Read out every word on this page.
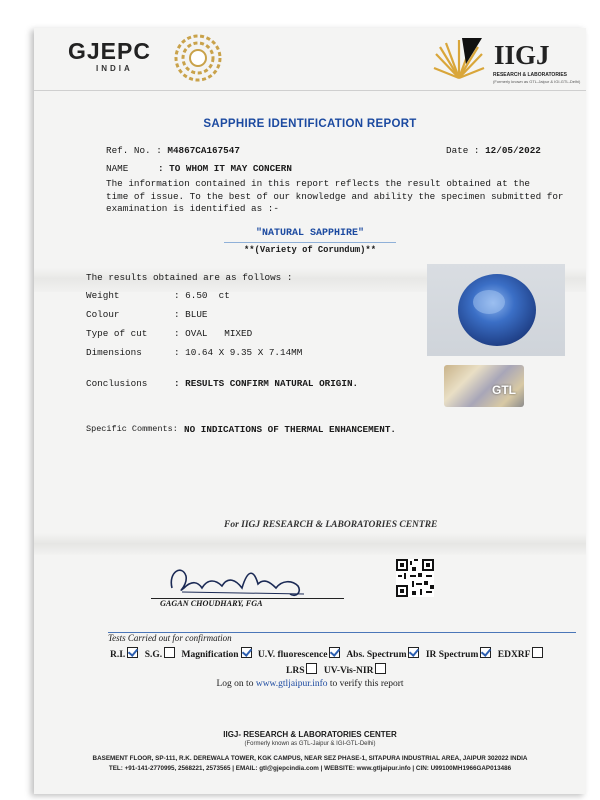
GJEPC
INDIA	IIGJ
RESEARCH & LABORATORIES
(Formerly known as GTL-Jaipur & IGI-GTL-Delhi)
SAPPHIRE IDENTIFICATION REPORT
Ref. No. : M4867CA167547	Date : 12/05/2022
NAME	: TO WHOM IT MAY CONCERN
The information contained in this report reflects the result obtained at the
time of issue. To the best of our knowledge and ability the specimen submitted for
examination is identified as :-
"NATURAL SAPPHIRE"
**(Variety of Corundum)**
The results obtained are as follows :
Weight	: 6.50 ct
Colour	: BLUE
Type of cut	: OVAL MIXED
Dimensions	: 10.64 X 9.35 X 7.14MM
Conclusions	: RESULTS CONFIRM NATURAL ORIGIN.
Specific Comments: NO INDICATIONS OF THERMAL ENHANCEMENT.
GTL
For IIGJ RESEARCH & LABORATORIES CENTRE
GAGAN CHOUDHARY, FGA
Tests Carried out for confirmation
R.I. S.G. Magnification U.V. fluorescence Abs. Spectrum IR Spectrum EDXRF
LRS UV-Vis-NIR
Log on to www.gtljaipur.info to verify this report
IIGJ- RESEARCH & LABORATORIES CENTER
(Formerly known as GTL-Jaipur & IGI-GTL-Delhi)
BASEMENT FLOOR, SP-111, R.K. DEREWALA TOWER, KGK CAMPUS, NEAR SEZ PHASE-1, SITAPURA INDUSTRIAL AREA, JAIPUR 302022 INDIA
TEL: +91-141-2770995, 2568221, 2573565 | EMAIL: gtl@gjepcindia.com | WEBSITE: www.gtljaipur.info | CIN: U99100MH1966GAP013486
